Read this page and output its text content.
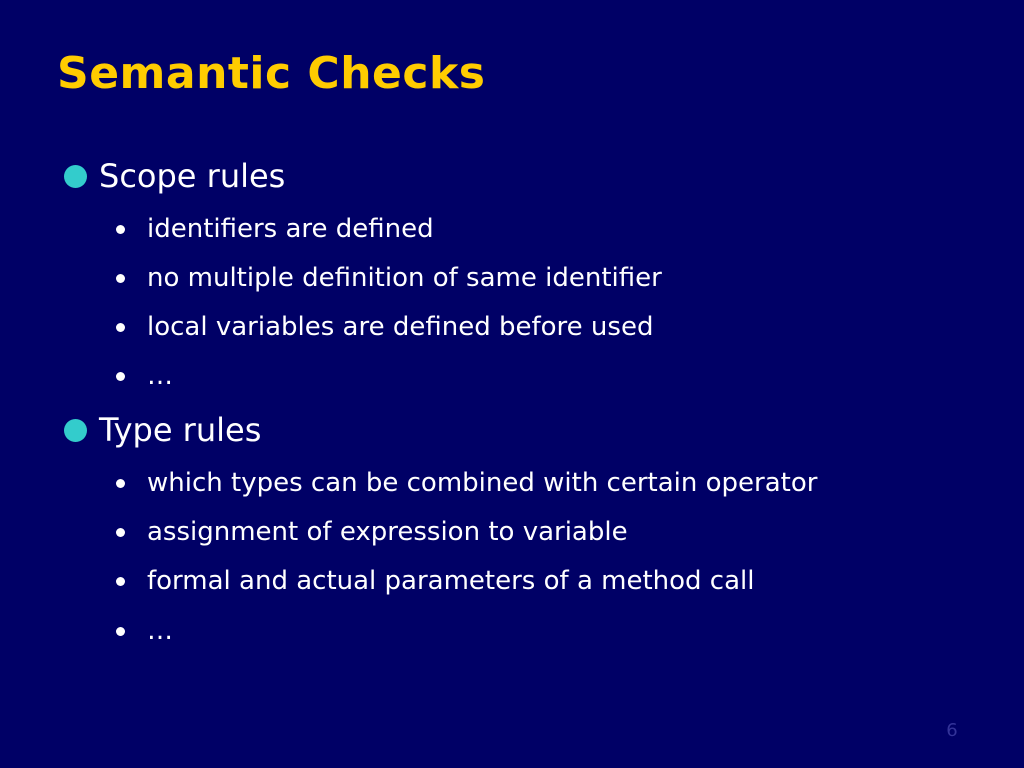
Semantic Checks
Scope rules
identifiers are defined
no multiple definition of same identifier
local variables are defined before used
…
Type rules
which types can be combined with certain operator
assignment of expression to variable
formal and actual parameters of a method call
…
6
